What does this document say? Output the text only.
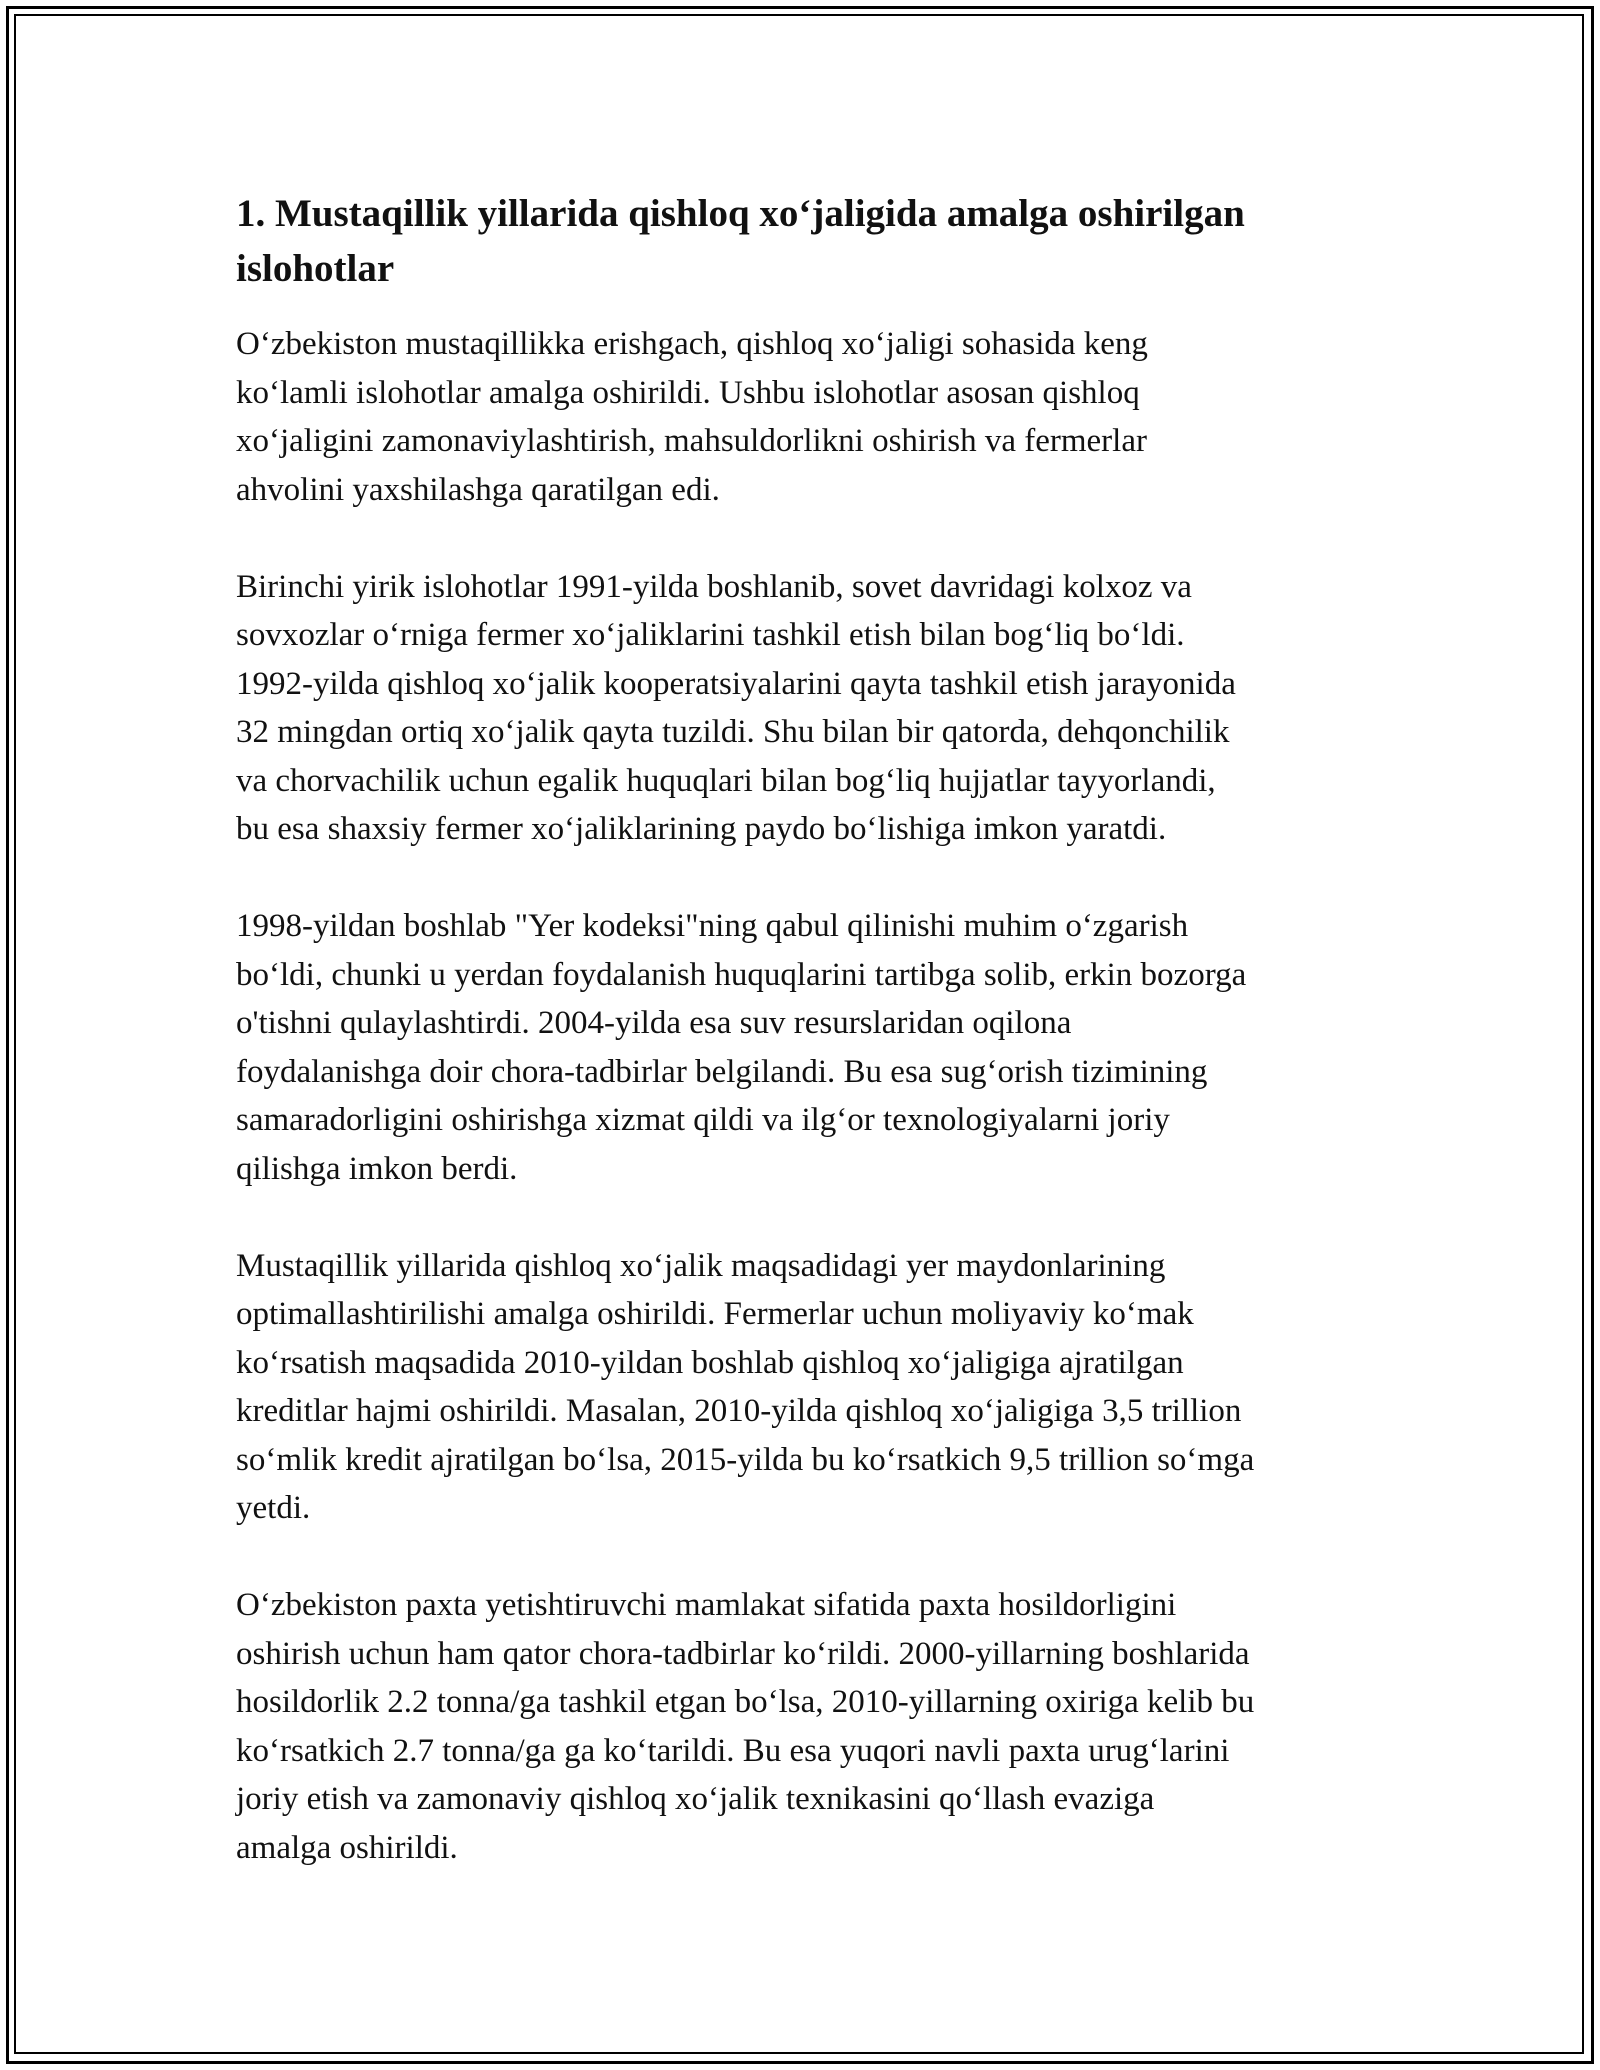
1. Mustaqillik yillarida qishloq xo‘jaligida amalga oshirilgan
islohotlar

O‘zbekiston mustaqillikka erishgach, qishloq xo‘jaligi sohasida keng
ko‘lamli islohotlar amalga oshirildi. Ushbu islohotlar asosan qishloq
xo‘jaligini zamonaviylashtirish, mahsuldorlikni oshirish va fermerlar
ahvolini yaxshilashga qaratilgan edi.

Birinchi yirik islohotlar 1991-yilda boshlanib, sovet davridagi kolxoz va
sovxozlar o‘rniga fermer xo‘jaliklarini tashkil etish bilan bog‘liq bo‘ldi.
1992-yilda qishloq xo‘jalik kooperatsiyalarini qayta tashkil etish jarayonida
32 mingdan ortiq xo‘jalik qayta tuzildi. Shu bilan bir qatorda, dehqonchilik
va chorvachilik uchun egalik huquqlari bilan bog‘liq hujjatlar tayyorlandi,
bu esa shaxsiy fermer xo‘jaliklarining paydo bo‘lishiga imkon yaratdi.

1998-yildan boshlab "Yer kodeksi"ning qabul qilinishi muhim o‘zgarish
bo‘ldi, chunki u yerdan foydalanish huquqlarini tartibga solib, erkin bozorga
o'tishni qulaylashtirdi. 2004-yilda esa suv resurslaridan oqilona
foydalanishga doir chora-tadbirlar belgilandi. Bu esa sug‘orish tizimining
samaradorligini oshirishga xizmat qildi va ilg‘or texnologiyalarni joriy
qilishga imkon berdi.

Mustaqillik yillarida qishloq xo‘jalik maqsadidagi yer maydonlarining
optimallashtirilishi amalga oshirildi. Fermerlar uchun moliyaviy ko‘mak
ko‘rsatish maqsadida 2010-yildan boshlab qishloq xo‘jaligiga ajratilgan
kreditlar hajmi oshirildi. Masalan, 2010-yilda qishloq xo‘jaligiga 3,5 trillion
so‘mlik kredit ajratilgan bo‘lsa, 2015-yilda bu ko‘rsatkich 9,5 trillion so‘mga
yetdi.

O‘zbekiston paxta yetishtiruvchi mamlakat sifatida paxta hosildorligini
oshirish uchun ham qator chora-tadbirlar ko‘rildi. 2000-yillarning boshlarida
hosildorlik 2.2 tonna/ga tashkil etgan bo‘lsa, 2010-yillarning oxiriga kelib bu
ko‘rsatkich 2.7 tonna/ga ga ko‘tarildi. Bu esa yuqori navli paxta urug‘larini
joriy etish va zamonaviy qishloq xo‘jalik texnikasini qo‘llash evaziga
amalga oshirildi.
